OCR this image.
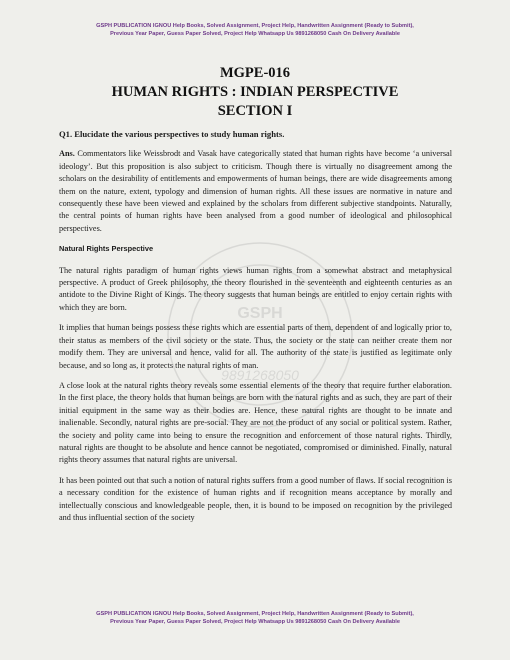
GSPH PUBLICATION IGNOU Help Books, Solved Assignment, Project Help, Handwritten Assignment (Ready to Submit),
Previous Year Paper, Guess Paper Solved, Project Help Whatsapp Us 9891268050 Cash On Delivery Available
MGPE-016
HUMAN RIGHTS : INDIAN PERSPECTIVE
SECTION I
GSPH
9891268050

Q1. Elucidate the various perspectives to study human rights.

Ans. Commentators like Weissbrodt and Vasak have categorically stated that human rights have become ‘a universal ideology’. But this proposition is also subject to criticism. Though there is virtually no disagreement among the scholars on the desirability of entitlements and empowerments of human beings, there are wide disagreements among them on the nature, extent, typology and dimension of human rights. All these issues are normative in nature and consequently these have been viewed and explained by the scholars from different subjective standpoints. Naturally, the central points of human rights have been analysed from a good number of ideological and philosophical perspectives.

Natural Rights Perspective

The natural rights paradigm of human rights views human rights from a somewhat abstract and metaphysical perspective. A product of Greek philosophy, the theory flourished in the seventeenth and eighteenth centuries as an antidote to the Divine Right of Kings. The theory suggests that human beings are entitled to enjoy certain rights with which they are born.

It implies that human beings possess these rights which are essential parts of them, dependent of and logically prior to, their status as members of the civil society or the state. Thus, the society or the state can neither create them nor modify them. They are universal and hence, valid for all. The authority of the state is justified as legitimate only because, and so long as, it protects the natural rights of man.

A close look at the natural rights theory reveals some essential elements of the theory that require further elaboration. In the first place, the theory holds that human beings are born with the natural rights and as such, they are part of their initial equipment in the same way as their bodies are. Hence, these natural rights are thought to be innate and inalienable. Secondly, natural rights are pre-social. They are not the product of any social or political system. Rather, the society and polity came into being to ensure the recognition and enforcement of those natural rights. Thirdly, natural rights are thought to be absolute and hence cannot be negotiated, compromised or diminished. Finally, natural rights theory assumes that natural rights are universal.

It has been pointed out that such a notion of natural rights suffers from a good number of flaws. If social recognition is a necessary condition for the existence of human rights and if recognition means acceptance by morally and intellectually conscious and knowledgeable people, then, it is bound to be imposed on recognition by the privileged and thus influential section of the society

GSPH PUBLICATION IGNOU Help Books, Solved Assignment, Project Help, Handwritten Assignment (Ready to Submit),
Previous Year Paper, Guess Paper Solved, Project Help Whatsapp Us 9891268050 Cash On Delivery Available
